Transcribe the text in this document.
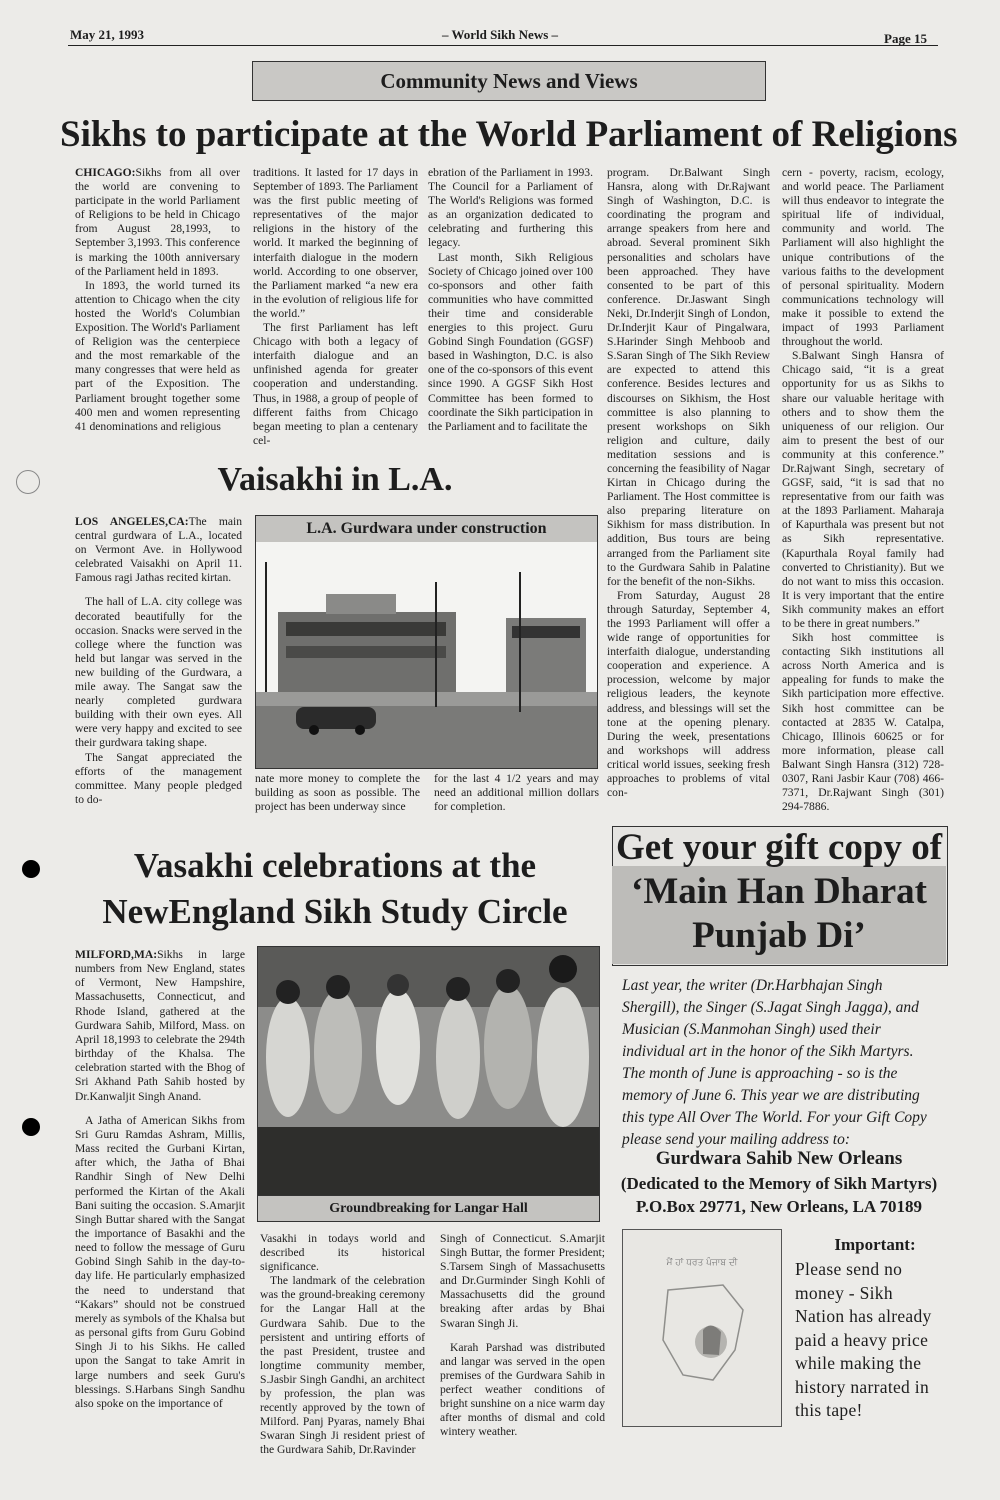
May 21, 1993	– World Sikh News –	Page 15
Community News and Views
Sikhs to participate at the World Parliament of Religions

CHICAGO:Sikhs from all over the world are convening to participate in the world Parliament of Religions to be held in Chicago from August 28,1993, to September 3,1993. This conference is marking the 100th anniversary of the Parliament held in 1893.

In 1893, the world turned its attention to Chicago when the city hosted the World's Columbian Exposition. The World's Parliament of Religion was the centerpiece and the most remarkable of the many congresses that were held as part of the Exposition. The Parliament brought together some 400 men and women representing 41 denominations and religious

traditions. It lasted for 17 days in September of 1893. The Parliament was the first public meeting of representatives of the major religions in the history of the world. It marked the beginning of interfaith dialogue in the modern world. According to one observer, the Parliament marked “a new era in the evolution of religious life for the world.”

The first Parliament has left Chicago with both a legacy of interfaith dialogue and an unfinished agenda for greater cooperation and understanding. Thus, in 1988, a group of people of different faiths from Chicago began meeting to plan a centenary cel-

ebration of the Parliament in 1993. The Council for a Parliament of The World's Religions was formed as an organization dedicated to celebrating and furthering this legacy.

Last month, Sikh Religious Society of Chicago joined over 100 co-sponsors and other faith communities who have committed their time and considerable energies to this project. Guru Gobind Singh Foundation (GGSF) based in Washington, D.C. is also one of the co-sponsors of this event since 1990. A GGSF Sikh Host Committee has been formed to coordinate the Sikh participation in the Parliament and to facilitate the

program. Dr.Balwant Singh Hansra, along with Dr.Rajwant Singh of Washington, D.C. is coordinating the program and arrange speakers from here and abroad. Several prominent Sikh personalities and scholars have been approached. They have consented to be part of this conference. Dr.Jaswant Singh Neki, Dr.Inderjit Singh of London, Dr.Inderjit Kaur of Pingalwara, S.Harinder Singh Mehboob and S.Saran Singh of The Sikh Review are expected to attend this conference. Besides lectures and discourses on Sikhism, the Host committee is also planning to present workshops on Sikh religion and culture, daily meditation sessions and is concerning the feasibility of Nagar Kirtan in Chicago during the Parliament. The Host committee is also preparing literature on Sikhism for mass distribution. In addition, Bus tours are being arranged from the Parliament site to the Gurdwara Sahib in Palatine for the benefit of the non-Sikhs.

From Saturday, August 28 through Saturday, September 4, the 1993 Parliament will offer a wide range of opportunities for interfaith dialogue, understanding cooperation and experience. A procession, welcome by major religious leaders, the keynote address, and blessings will set the tone at the opening plenary. During the week, presentations and workshops will address critical world issues, seeking fresh approaches to problems of vital con-

cern - poverty, racism, ecology, and world peace. The Parliament will thus endeavor to integrate the spiritual life of individual, community and world. The Parliament will also highlight the unique contributions of the various faiths to the development of personal spirituality. Modern communications technology will make it possible to extend the impact of 1993 Parliament throughout the world.

S.Balwant Singh Hansra of Chicago said, “it is a great opportunity for us as Sikhs to share our valuable heritage with others and to show them the uniqueness of our religion. Our aim to present the best of our community at this conference.” Dr.Rajwant Singh, secretary of GGSF, said, “it is sad that no representative from our faith was at the 1893 Parliament. Maharaja of Kapurthala was present but not as Sikh representative. (Kapurthala Royal family had converted to Christianity). But we do not want to miss this occasion. It is very important that the entire Sikh community makes an effort to be there in great numbers.”

Sikh host committee is contacting Sikh institutions all across North America and is appealing for funds to make the Sikh participation more effective. Sikh host committee can be contacted at 2835 W. Catalpa, Chicago, Illinois 60625 or for more information, please call Balwant Singh Hansra (312) 728-0307, Rani Jasbir Kaur (708) 466-7371, Dr.Rajwant Singh (301) 294-7886.

Vaisakhi in L.A.

LOS ANGELES,CA:The main central gurdwara of L.A., located on Vermont Ave. in Hollywood celebrated Vaisakhi on April 11. Famous ragi Jathas recited kirtan.

The hall of L.A. city college was decorated beautifully for the occasion. Snacks were served in the college where the function was held but langar was served in the new building of the Gurdwara, a mile away. The Sangat saw the nearly completed gurdwara building with their own eyes. All were very happy and excited to see their gurdwara taking shape.

The Sangat appreciated the efforts of the management committee. Many people pledged to do-

L.A. Gurdwara under construction

nate more money to complete the building as soon as possible. The project has been underway since

for the last 4 1/2 years and may need an additional million dollars for completion.

Vasakhi celebrations at the
NewEngland Sikh Study Circle

MILFORD,MA:Sikhs in large numbers from New England, states of Vermont, New Hampshire, Massachusetts, Connecticut, and Rhode Island, gathered at the Gurdwara Sahib, Milford, Mass. on April 18,1993 to celebrate the 294th birthday of the Khalsa. The celebration started with the Bhog of Sri Akhand Path Sahib hosted by Dr.Kanwaljit Singh Anand.

A Jatha of American Sikhs from Sri Guru Ramdas Ashram, Millis, Mass recited the Gurbani Kirtan, after which, the Jatha of Bhai Randhir Singh of New Delhi performed the Kirtan of the Akali Bani suiting the occasion. S.Amarjit Singh Buttar shared with the Sangat the importance of Basakhi and the need to follow the message of Guru Gobind Singh Sahib in the day-to-day life. He particularly emphasized the need to understand that “Kakars” should not be construed merely as symbols of the Khalsa but as personal gifts from Guru Gobind Singh Ji to his Sikhs. He called upon the Sangat to take Amrit in large numbers and seek Guru's blessings. S.Harbans Singh Sandhu also spoke on the importance of

Groundbreaking for Langar Hall

Vasakhi in todays world and described its historical significance.

The landmark of the celebration was the ground-breaking ceremony for the Langar Hall at the Gurdwara Sahib. Due to the persistent and untiring efforts of the past President, trustee and longtime community member, S.Jasbir Singh Gandhi, an architect by profession, the plan was recently approved by the town of Milford. Panj Pyaras, namely Bhai Swaran Singh Ji resident priest of the Gurdwara Sahib, Dr.Ravinder

Singh of Connecticut. S.Amarjit Singh Buttar, the former President; S.Tarsem Singh of Massachusetts and Dr.Gurminder Singh Kohli of Massachusetts did the ground breaking after ardas by Bhai Swaran Singh Ji.

Karah Parshad was distributed and langar was served in the open premises of the Gurdwara Sahib in perfect weather conditions of bright sunshine on a nice warm day after months of dismal and cold wintery weather.

Get your gift copy of
‘Main Han Dharat
Punjab Di’
Last year, the writer (Dr.Harbhajan Singh Shergill), the Singer (S.Jagat Singh Jagga), and Musician (S.Manmohan Singh) used their individual art in the honor of the Sikh Martyrs. The month of June is approaching - so is the memory of June 6. This year we are distributing this type All Over The World. For your Gift Copy please send your mailing address to:
Gurdwara Sahib New Orleans
(Dedicated to the Memory of Sikh Martyrs)
P.O.Box 29771, New Orleans, LA 70189
ਮੈਂ ਹਾਂ ਧਰਤ ਪੰਜਾਬ ਦੀ
Important:
Please send no money - Sikh Nation has already paid a heavy price while making the history narrated in this tape!
